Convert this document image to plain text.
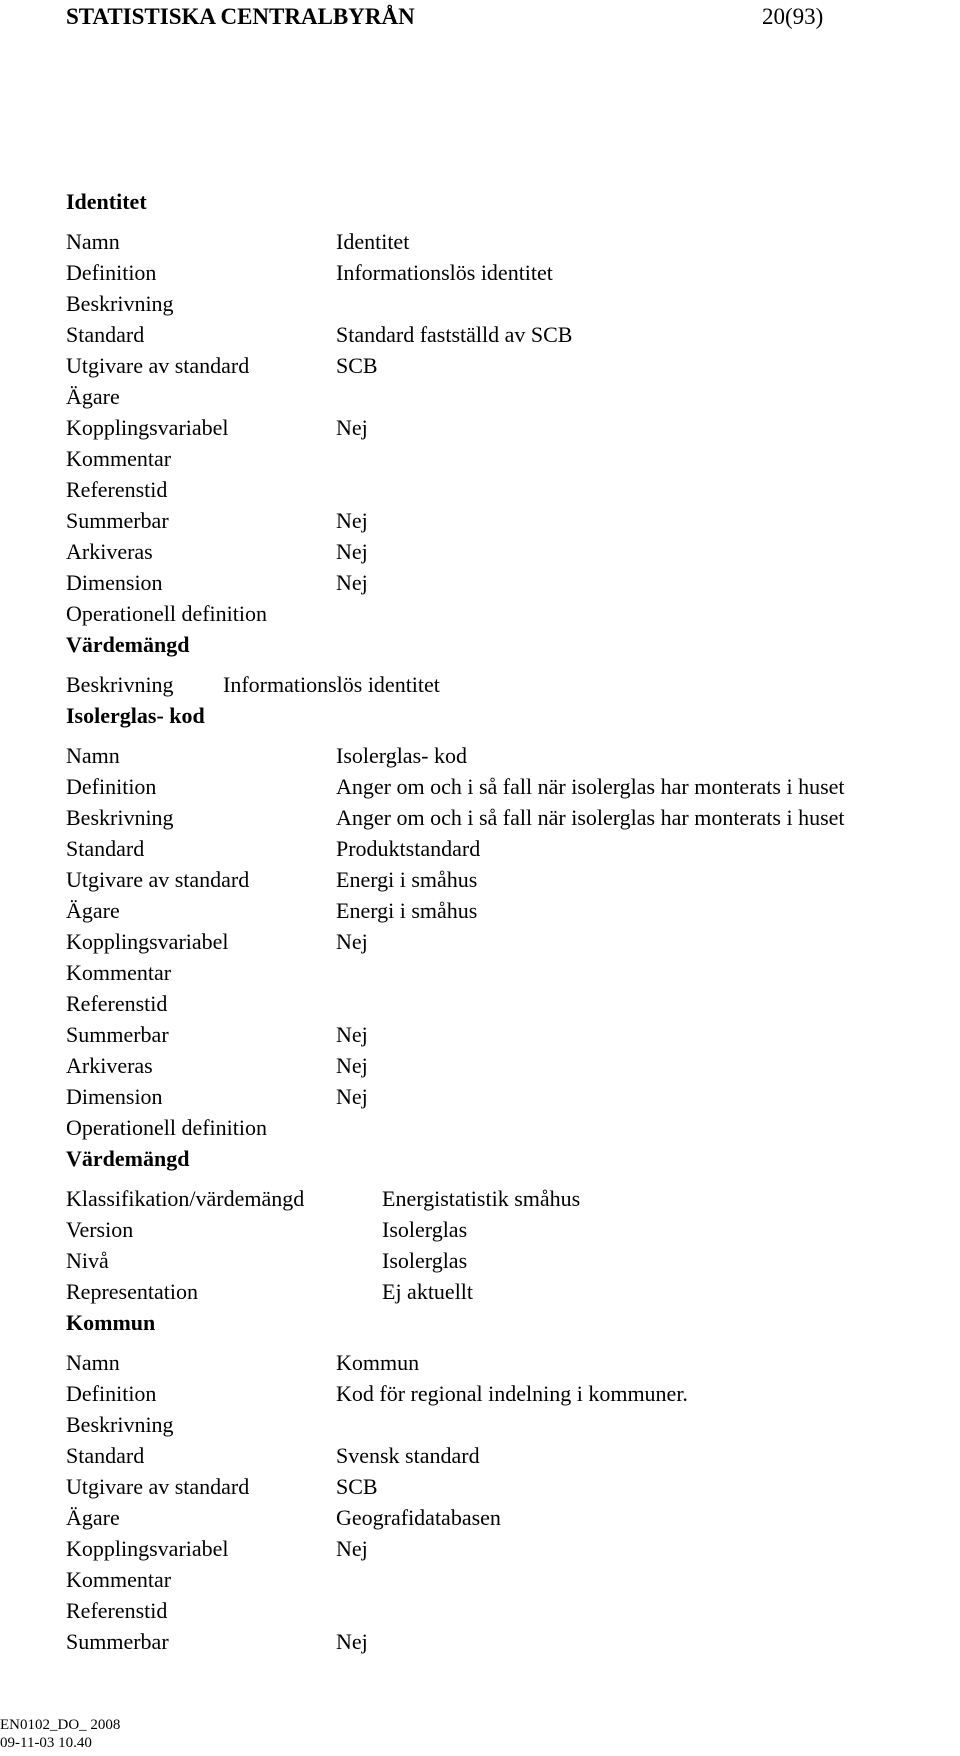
STATISTISKA CENTRALBYRÅN	20(93)
Identitet
Namn	Identitet
Definition	Informationslös identitet
Beskrivning
Standard	Standard fastställd av SCB
Utgivare av standard	SCB
Ägare
Kopplingsvariabel	Nej
Kommentar
Referenstid
Summerbar	Nej
Arkiveras	Nej
Dimension	Nej
Operationell definition
Värdemängd
Beskrivning Informationslös identitet
Isolerglas- kod
Namn	Isolerglas- kod
Definition	Anger om och i så fall när isolerglas har monterats i huset
Beskrivning	Anger om och i så fall när isolerglas har monterats i huset
Standard	Produktstandard
Utgivare av standard	Energi i småhus
Ägare	Energi i småhus
Kopplingsvariabel	Nej
Kommentar
Referenstid
Summerbar	Nej
Arkiveras	Nej
Dimension	Nej
Operationell definition
Värdemängd
Klassifikation/värdemängd	Energistatistik småhus
Version	Isolerglas
Nivå	Isolerglas
Representation	Ej aktuellt
Kommun
Namn	Kommun
Definition	Kod för regional indelning i kommuner.
Beskrivning
Standard	Svensk standard
Utgivare av standard	SCB
Ägare	Geografidatabasen
Kopplingsvariabel	Nej
Kommentar
Referenstid
Summerbar	Nej
EN0102_DO_ 2008
09-11-03 10.40
